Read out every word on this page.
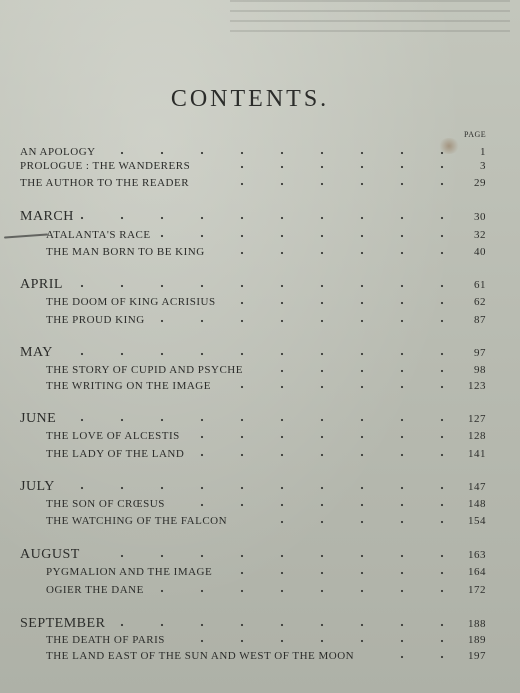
CONTENTS.
PAGE
AN APOLOGY	1
PROLOGUE : THE WANDERERS	3
THE AUTHOR TO THE READER	29
MARCH	30
ATALANTA'S RACE	32
THE MAN BORN TO BE KING	40
APRIL	61
THE DOOM OF KING ACRISIUS	62
THE PROUD KING	87
MAY	97
THE STORY OF CUPID AND PSYCHE	98
THE WRITING ON THE IMAGE	123
JUNE	127
THE LOVE OF ALCESTIS	128
THE LADY OF THE LAND	141
JULY	147
THE SON OF CRŒSUS	148
THE WATCHING OF THE FALCON	154
AUGUST	163
PYGMALION AND THE IMAGE	164
OGIER THE DANE	172
SEPTEMBER	188
THE DEATH OF PARIS	189
THE LAND EAST OF THE SUN AND WEST OF THE MOON	197
